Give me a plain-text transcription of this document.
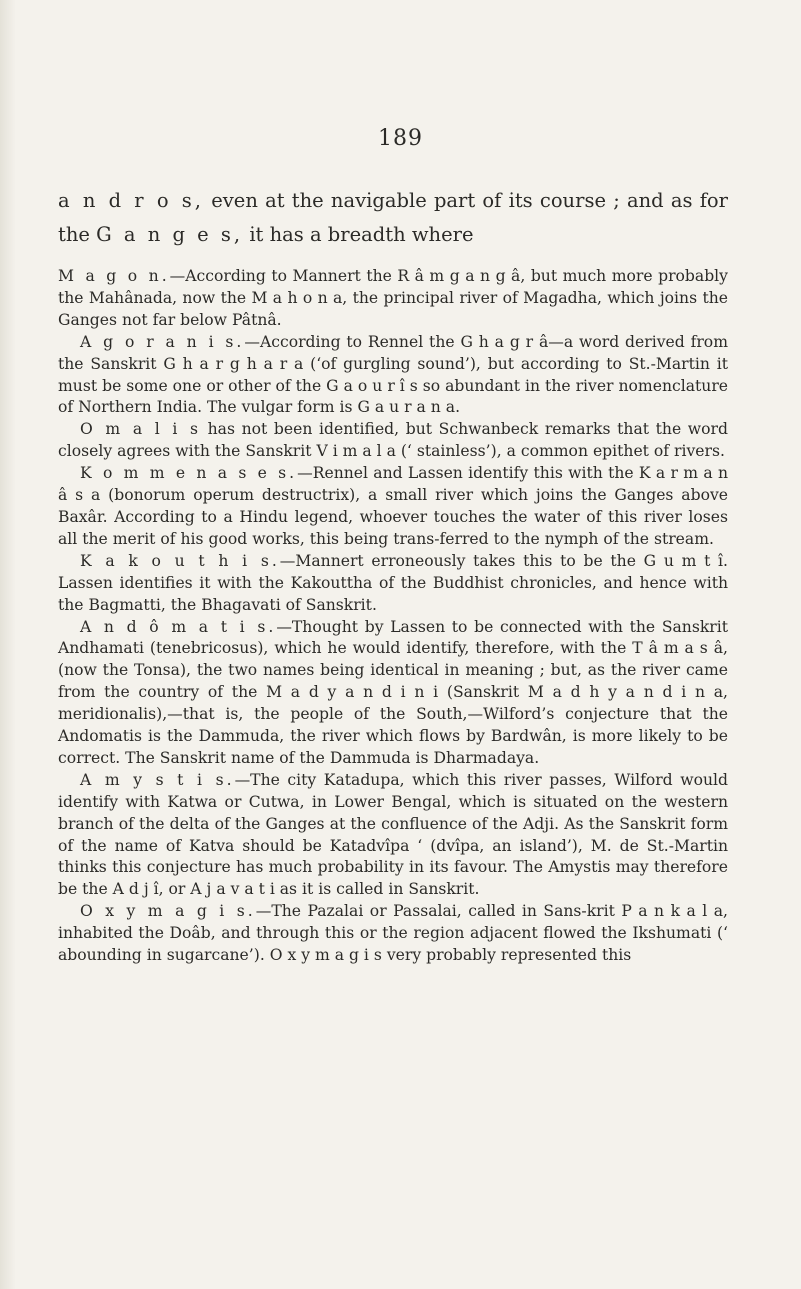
189

a n d r o s, even at the navigable part of its course ; and as for the G a n g e s, it has a breadth where

M a g o n.—According to Mannert the R â m g a n g â, but much more probably the Mahânada, now the M a h o n a, the principal river of Magadha, which joins the Ganges not far below Pâtnâ.

A g o r a n i s.—According to Rennel the G h a g r â—a word derived from the Sanskrit G h a r g h a r a (‘of gurgling sound’), but according to St.-Martin it must be some one or other of the G a o u r î s so abundant in the river nomenclature of Northern India. The vulgar form is G a u r a n a.

O m a l i s has not been identified, but Schwanbeck remarks that the word closely agrees with the Sanskrit V i m a l a (‘ stainless’), a common epithet of rivers.

K o m m e n a s e s.—Rennel and Lassen identify this with the K a r m a n â s a (bonorum operum destructrix), a small river which joins the Ganges above Baxâr. According to a Hindu legend, whoever touches the water of this river loses all the merit of his good works, this being trans-ferred to the nymph of the stream.

K a k o u t h i s.—Mannert erroneously takes this to be the G u m t î. Lassen identifies it with the Kakouttha of the Buddhist chronicles, and hence with the Bagmatti, the Bhagavati of Sanskrit.

A n d ô m a t i s.—Thought by Lassen to be connected with the Sanskrit Andhamati (tenebricosus), which he would identify, therefore, with the T â m a s â, (now the Tonsa), the two names being identical in meaning ; but, as the river came from the country of the M a d y a n d i n i (Sanskrit M a d h y a n d i n a, meridionalis),—that is, the people of the South,—Wilford’s conjecture that the Andomatis is the Dammuda, the river which flows by Bardwân, is more likely to be correct. The Sanskrit name of the Dammuda is Dharmadaya.

A m y s t i s.—The city Katadupa, which this river passes, Wilford would identify with Katwa or Cutwa, in Lower Bengal, which is situated on the western branch of the delta of the Ganges at the confluence of the Adji. As the Sanskrit form of the name of Katva should be Katadvîpa ‘ (dvîpa, an island’), M. de St.-Martin thinks this conjecture has much probability in its favour. The Amystis may therefore be the A d j î, or A j a v a t i as it is called in Sanskrit.

O x y m a g i s.—The Pazalai or Passalai, called in Sans-krit P a n k a l a, inhabited the Doâb, and through this or the region adjacent flowed the Ikshumati (‘ abounding in sugarcane’). O x y m a g i s very probably represented this
